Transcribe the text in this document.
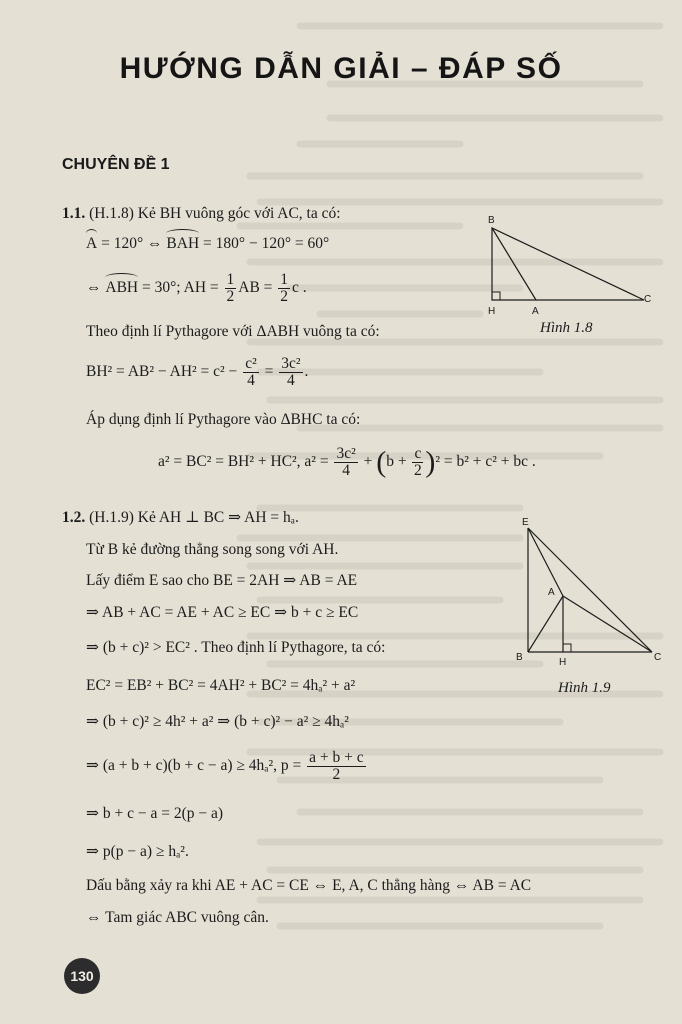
HƯỚNG DẪN GIẢI – ĐÁP SỐ
CHUYÊN ĐỀ 1
1.1. (H.1.8) Kẻ BH vuông góc với AC, ta có:
A = 120° ⇔ BAH = 180° − 120° = 60°
⇔ ABH = 30°; AH = $\frac{1}{2}$ AB = $\frac{1}{2}$ c .
Theo định lí Pythagore với ΔABH vuông ta có:
$BH^2 = AB^2 - AH^2 = c^2 - \frac{\text{c²}}{4} = \frac{\text{3c²}}{4}$ .
Áp dụng định lí Pythagore vào ΔBHC ta có:
a² = BC² = BH² + HC², $a^2 = \frac{\text{3c²}}{4} + (b + \frac{c}{2} )^2 = b^2 + c^2$ + bc .
B
H	A
C
Hình 1.8
1.2. (H.1.9) Kẻ AH ⊥ BC ⇒ AH = hₐ.
Từ B kẻ đường thẳng song song với AH.
Lấy điểm E sao cho BE = 2AH ⇒ AB = AE
⇒ AB + AC = AE + AC ≥ EC ⇒ b + c ≥ EC
⇒ (b + c)² > EC² . Theo định lí Pythagore, ta có:
EC² = EB² + BC² = 4AH² + BC² = 4hₐ² + a²
⇒ (b + c)² ≥ 4h² + a² ⇒ (b + c)² − a² ≥ 4hₐ²
⇒ (a + b + c)(b + c − a) ≥ 4hₐ², $p = \frac{a + b + c}{2}$
⇒ b + c − a = 2(p − a)
⇒ p(p − a) ≥ hₐ².
Dấu bằng xảy ra khi AE + AC = CE ⇔ E, A, C thẳng hàng ⇔ AB = AC
⇔ Tam giác ABC vuông cân.
E
A
B	H	C
Hình 1.9
130
